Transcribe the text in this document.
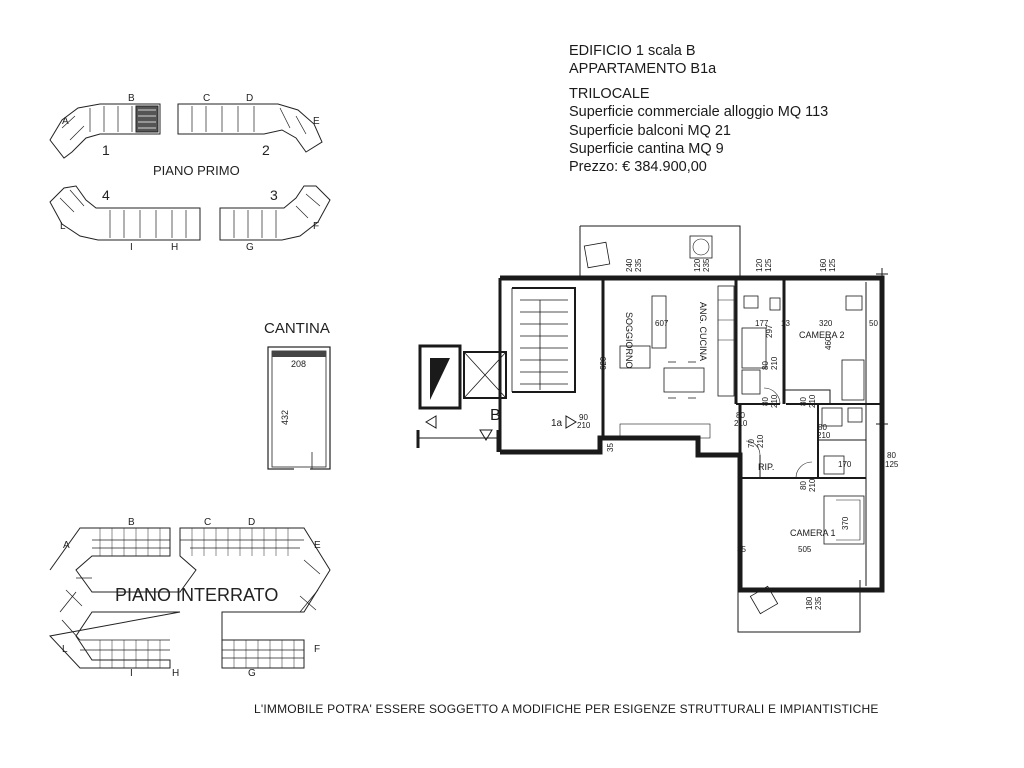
EDIFICIO 1 scala B
APPARTAMENTO B1a
TRILOCALE
Superficie commerciale alloggio MQ 113
Superficie balconi MQ 21
Superficie cantina MQ 9
Prezzo: € 384.900,00
A
B	C	D
E
F
G
H
I
L
1	2
3
4
PIANO PRIMO
CANTINA
208
432
A
B	C	D
E
F
G
H
I
L
PIANO INTERRATO
B	1a
SOGGIORNO	ANG. CUCINA	CAMERA 2
CAMERA 1
RIP.
240 235	120 235	120 125	160 125
607	177
297
13	320	50
460
620	80 210
80 210	80 210
90
210
80
210
70 210
170
80
210
80
125
80 210
370
505
35
35
180 235
L'IMMOBILE POTRA' ESSERE SOGGETTO A MODIFICHE PER ESIGENZE STRUTTURALI E IMPIANTISTICHE
